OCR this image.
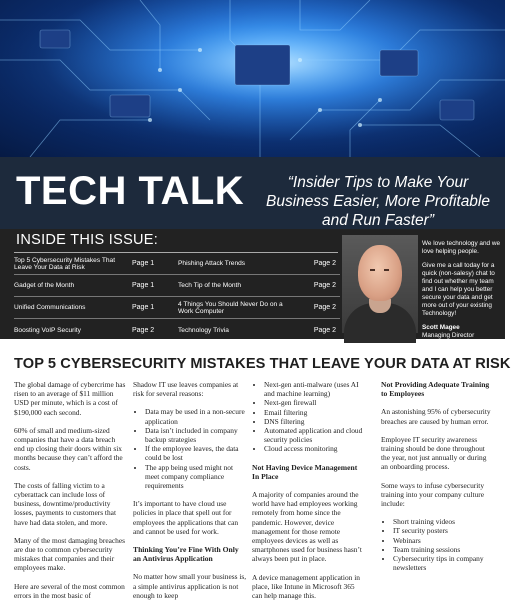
TECH TALK	“Insider Tips to Make Your Business Easier, More Profitable and Run Faster”
INSIDE THIS ISSUE:
Top 5 Cybersecurity Mistakes That Leave Your Data at Risk	Page 1	Phishing Attack Trends	Page 2
Gadget of the Month	Page 1	Tech Tip of the Month	Page 2
Unified Communications	Page 1	4 Things You Should Never Do on a Work Computer	Page 2
Boosting VoIP Security	Page 2	Technology Trivia	Page 2

We love technology and we love helping people.

Give me a call today for a quick (non-salesy) chat to find out whether my team and I can help you better secure your data and get more out of your existing Technology!

Scott Magee

Managing Director

TOP 5 CYBERSECURITY MISTAKES THAT LEAVE YOUR DATA AT RISK

The global damage of cybercrime has risen to an average of $11 million USD per minute, which is a cost of $190,000 each second.

60% of small and medium-sized companies that have a data breach end up closing their doors within six months because they can’t afford the costs.

The costs of falling victim to a cyberattack can include loss of business, downtime/productivity losses, payments to customers that have had data stolen, and more.

Many of the most damaging breaches are due to common cybersecurity mistakes that companies and their employees make.

Here are several of the most common errors in the most basic of

Shadow IT use leaves companies at risk for several reasons:

• Data may be used in a non-secure application
• Data isn’t included in company backup strategies
• If the employee leaves, the data could be lost
• The app being used might not meet company compliance requirements

It’s important to have cloud use policies in place that spell out for employees the applications that can and cannot be used for work.

Thinking You’re Fine With Only an Antivirus Application

No matter how small your business is, a simple antivirus application is not enough to keep

• Next-gen anti-malware (uses AI and machine learning)
• Next-gen firewall
• Email filtering
• DNS filtering
• Automated application and cloud security policies
• Cloud access monitoring
Not Having Device Management In Place

A majority of companies around the world have had employees working remotely from home since the pandemic. However, device management for those remote employees devices as well as smartphones used for business hasn’t always been put in place.

A device management application in place, like Intune in Microsoft 365 can help manage this.

Not Providing Adequate Training to Employees

An astonishing 95% of cybersecurity breaches are caused by human error.

Employee IT security awareness training should be done throughout the year, not just annually or during an onboarding process.

Some ways to infuse cybersecurity training into your company culture include:

• Short training videos
• IT security posters
• Webinars
• Team training sessions
• Cybersecurity tips in company newsletters
